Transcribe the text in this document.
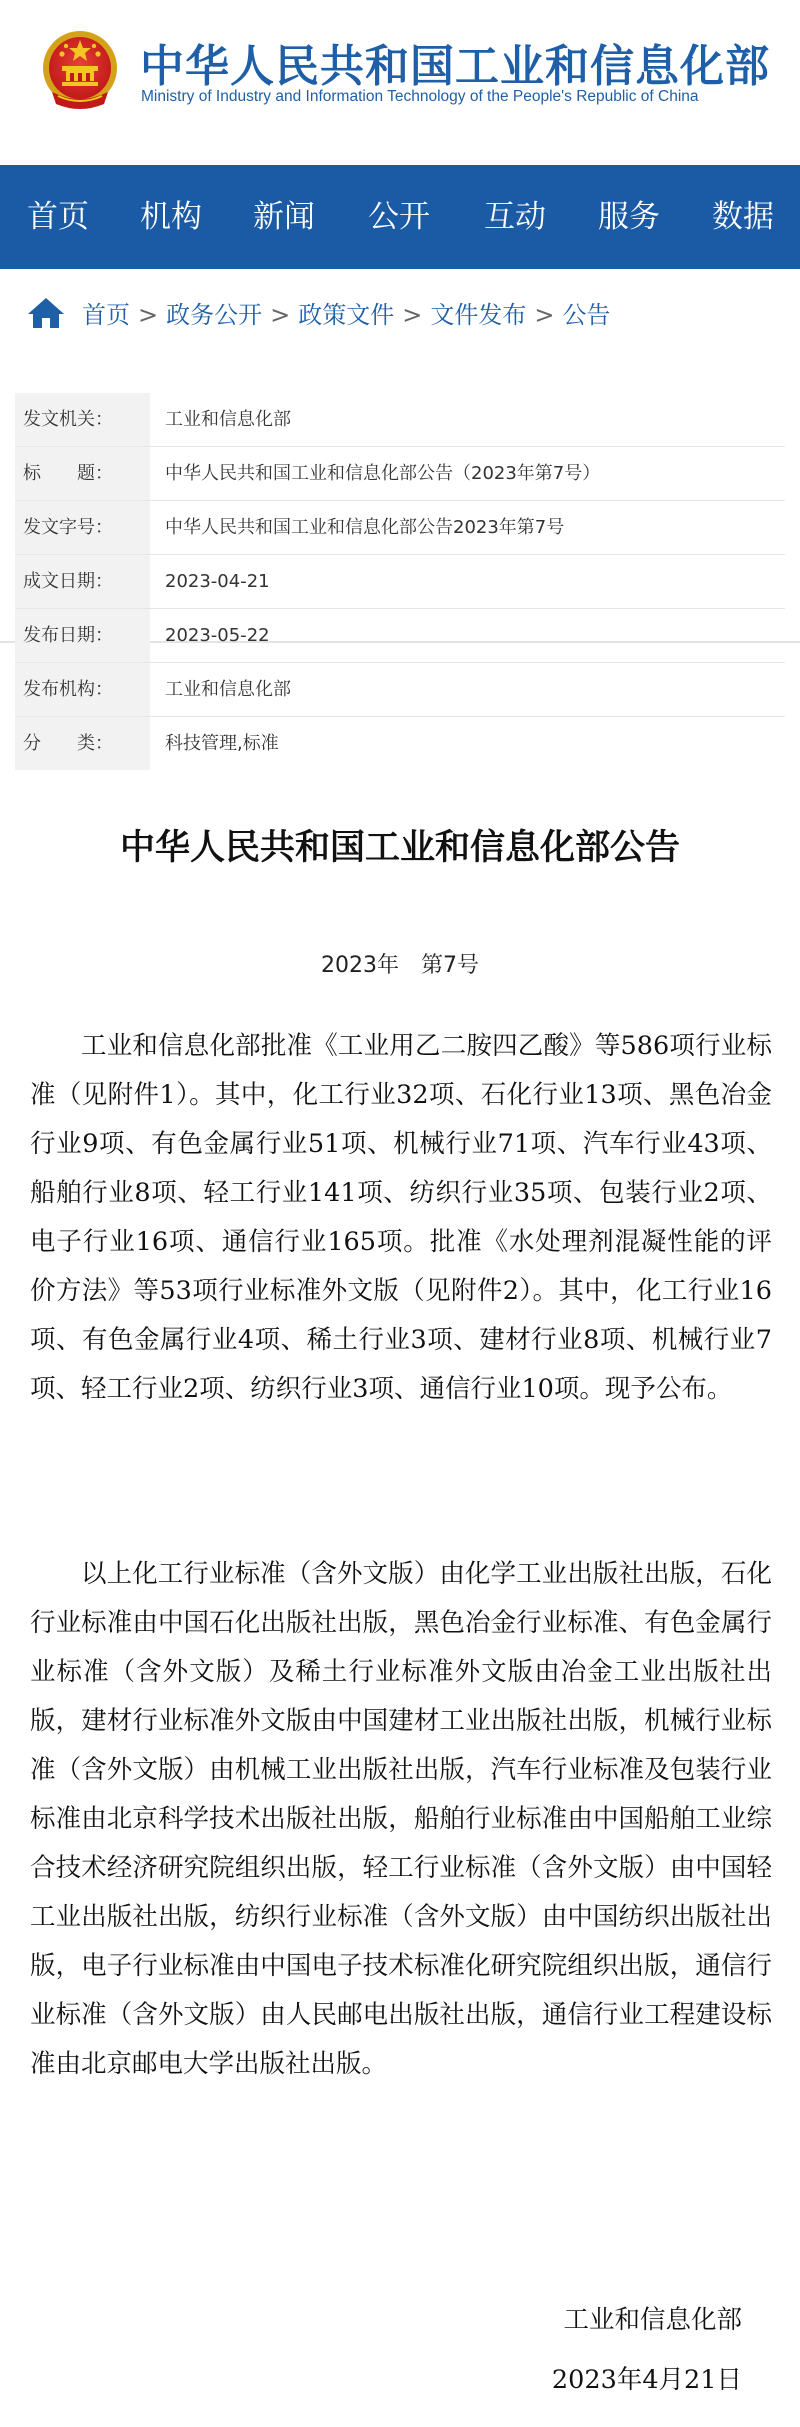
中华人民共和国工业和信息化部
Ministry of Industry and Information Technology of the People's Republic of China
首页 机构 新闻 公开 互动 服务 数据
首页 > 政务公开 > 政策文件 > 文件发布 > 公告
发文机关：	工业和信息化部
标　　题：	中华人民共和国工业和信息化部公告（2023年第7号）
发文字号：	中华人民共和国工业和信息化部公告2023年第7号
成文日期：	2023-04-21
发布日期：	2023-05-22
发布机构：	工业和信息化部
分　　类：	科技管理,标准
中华人民共和国工业和信息化部公告
2023年　第7号

工业和信息化部批准《工业用乙二胺四乙酸》等586项行业标准（见附件1）。其中，化工行业32项、石化行业13项、黑色冶金行业9项、有色金属行业51项、机械行业71项、汽车行业43项、船舶行业8项、轻工行业141项、纺织行业35项、包装行业2项、电子行业16项、通信行业165项。批准《水处理剂混凝性能的评价方法》等53项行业标准外文版（见附件2）。其中，化工行业16项、有色金属行业4项、稀土行业3项、建材行业8项、机械行业7项、轻工行业2项、纺织行业3项、通信行业10项。现予公布。

以上化工行业标准（含外文版）由化学工业出版社出版，石化行业标准由中国石化出版社出版，黑色冶金行业标准、有色金属行业标准（含外文版）及稀土行业标准外文版由冶金工业出版社出版，建材行业标准外文版由中国建材工业出版社出版，机械行业标准（含外文版）由机械工业出版社出版，汽车行业标准及包装行业标准由北京科学技术出版社出版，船舶行业标准由中国船舶工业综合技术经济研究院组织出版，轻工行业标准（含外文版）由中国轻工业出版社出版，纺织行业标准（含外文版）由中国纺织出版社出版，电子行业标准由中国电子技术标准化研究院组织出版，通信行业标准（含外文版）由人民邮电出版社出版，通信行业工程建设标准由北京邮电大学出版社出版。

工业和信息化部
2023年4月21日
